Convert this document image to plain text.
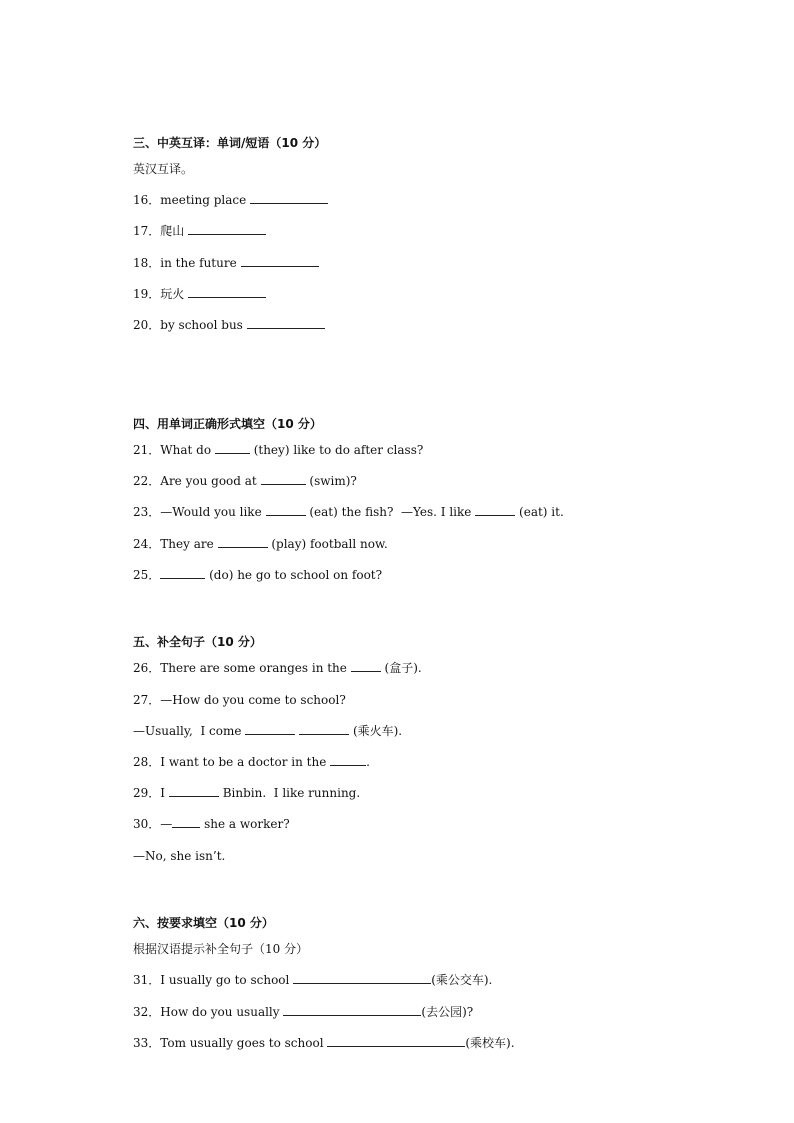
三、中英互译：单词/短语（10 分）
英汉互译。
16．meeting place
17．爬山
18．in the future
19．玩火
20．by school bus
四、用单词正确形式填空（10 分）
21．What do	(they) like to do after class?
22．Are you good at	(swim)?
23．—Would you like	(eat) the fish?  —Yes. I like	(eat) it.
24．They are	(play) football now.
25．	(do) he go to school on foot?
五、补全句子（10 分）
26．There are some oranges in the	(盒子).
27．—How do you come to school?
—Usually,  I come	(乘火车).
28．I want to be a doctor in the	.
29．I	Binbin.  I like running.
30．—	she a worker?
—No, she isn’t.
六、按要求填空（10 分）
根据汉语提示补全句子（10 分）
31．I usually go to school	(乘公交车).
32．How do you usually	(去公园)?
33．Tom usually goes to school	(乘校车).
